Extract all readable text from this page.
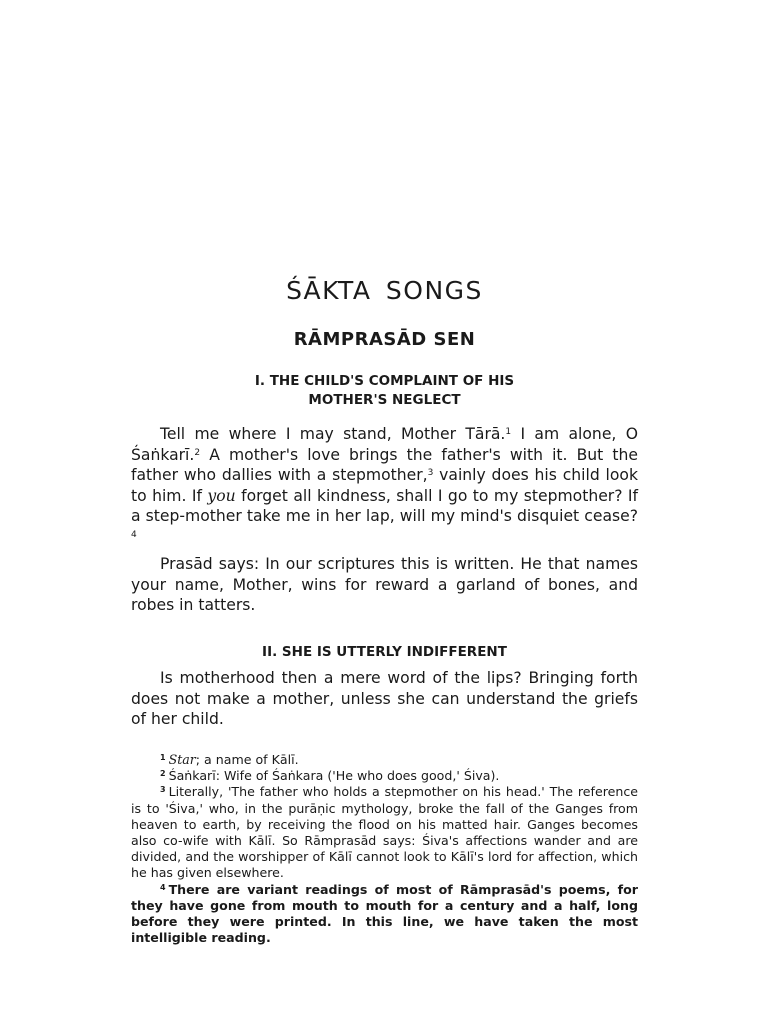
ŚĀKTA SONGS
RĀMPRASĀD SEN
I. THE CHILD'S COMPLAINT OF HIS
MOTHER'S NEGLECT

Tell me where I may stand, Mother Tārā.$^1$ I am alone, O Śaṅkarī.$^2$ A mother's love brings the father's with it. But the father who dallies with a stepmother,$^3$ vainly does his child look to him. If you forget all kindness, shall I go to my stepmother? If a step-mother take me in her lap, will my mind's disquiet cease?$^4$

Prasād says: In our scriptures this is written. He that names your name, Mother, wins for reward a garland of bones, and robes in tatters.

II. SHE IS UTTERLY INDIFFERENT

Is motherhood then a mere word of the lips? Bringing forth does not make a mother, unless she can understand the griefs of her child.

$^1$ Star; a name of Kālī.

$^2$ Śaṅkarī: Wife of Śaṅkara ('He who does good,' Śiva).

$^3$ Literally, 'The father who holds a stepmother on his head.' The reference is to 'Śiva,' who, in the purāṇic mythology, broke the fall of the Ganges from heaven to earth, by receiving the flood on his matted hair. Ganges becomes also co-wife with Kālī. So Rāmprasād says: Śiva's affections wander and are divided, and the worshipper of Kālī cannot look to Kālī's lord for affection, which he has given elsewhere.

$^4$ There are variant readings of most of Rāmprasād's poems, for they have gone from mouth to mouth for a century and a half, long before they were printed. In this line, we have taken the most intelligible reading.
